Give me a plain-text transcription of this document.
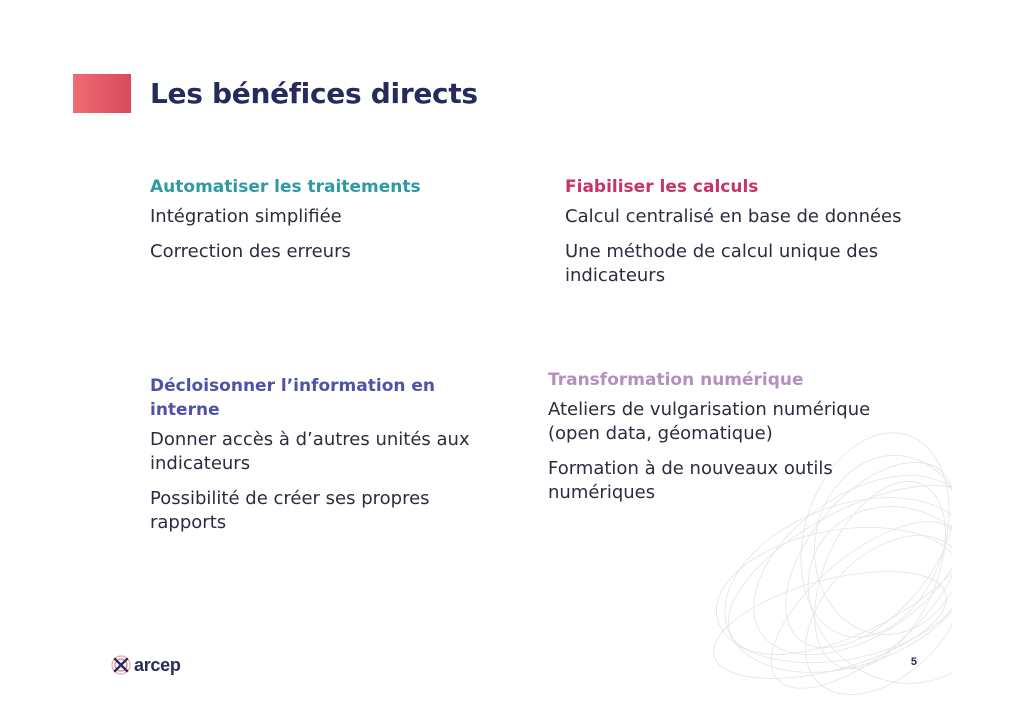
Les bénéfices directs
Automatiser les traitements

Intégration simplifiée

Correction des erreurs

Fiabiliser les calculs

Calcul centralisé en base de données

Une méthode de calcul unique des indicateurs

Décloisonner l’information en interne

Donner accès à d’autres unités aux indicateurs

Possibilité de créer ses propres rapports

Transformation numérique

Ateliers de vulgarisation numérique (open data, géomatique)

Formation à de nouveaux outils numériques

arcep	5
